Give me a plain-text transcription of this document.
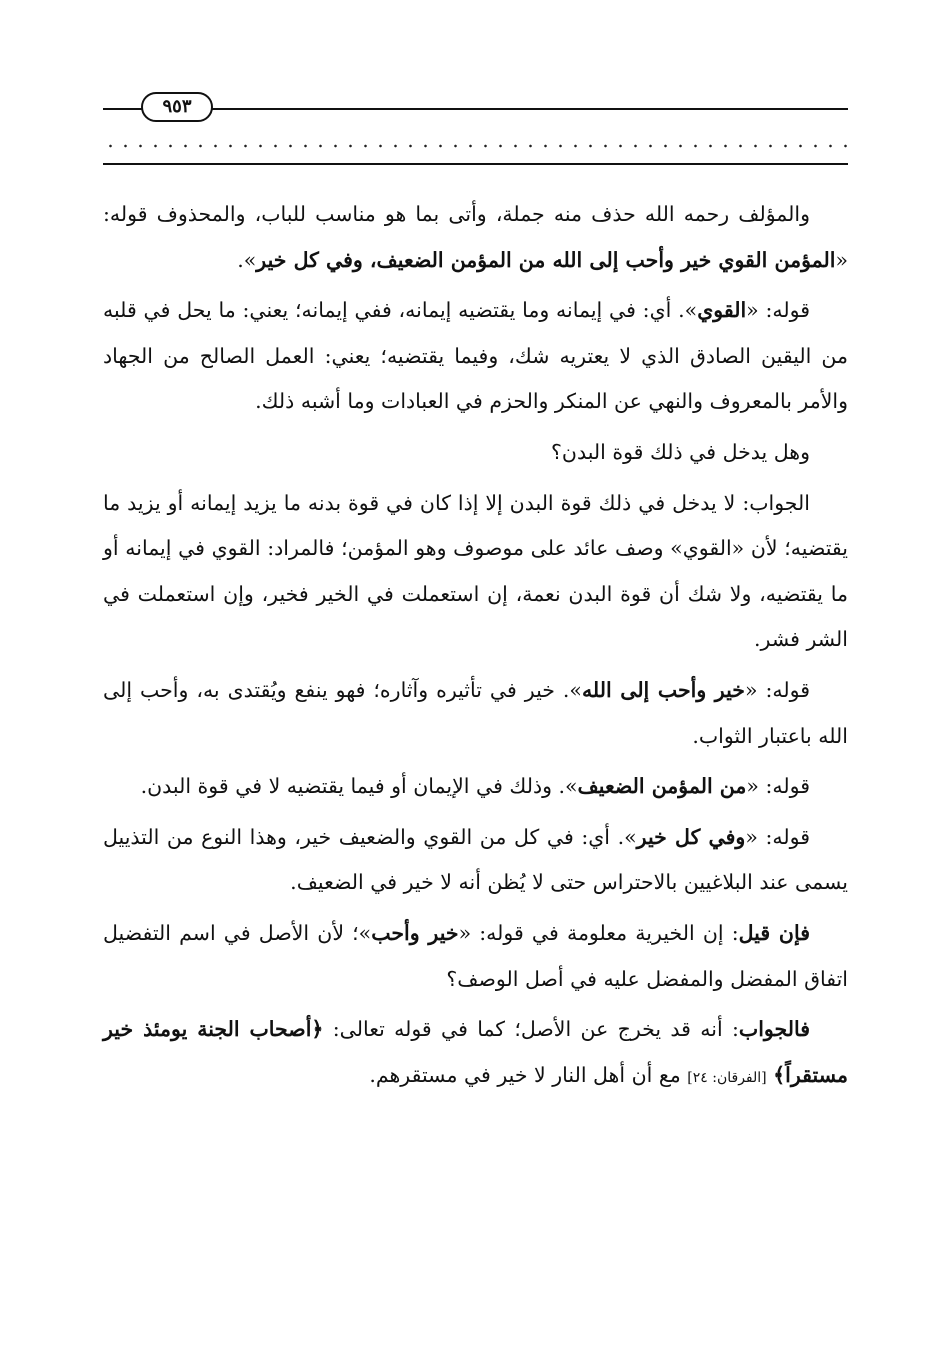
٩٥٣

والمؤلف رحمه الله حذف منه جملة، وأتى بما هو مناسب للباب، والمحذوف قوله: «المؤمن القوي خير وأحب إلى الله من المؤمن الضعيف، وفي كل خير».

قوله: «القوي». أي: في إيمانه وما يقتضيه إيمانه، ففي إيمانه؛ يعني: ما يحل في قلبه من اليقين الصادق الذي لا يعتريه شك، وفيما يقتضيه؛ يعني: العمل الصالح من الجهاد والأمر بالمعروف والنهي عن المنكر والحزم في العبادات وما أشبه ذلك.

وهل يدخل في ذلك قوة البدن؟

الجواب: لا يدخل في ذلك قوة البدن إلا إذا كان في قوة بدنه ما يزيد إيمانه أو يزيد ما يقتضيه؛ لأن «القوي» وصف عائد على موصوف وهو المؤمن؛ فالمراد: القوي في إيمانه أو ما يقتضيه، ولا شك أن قوة البدن نعمة، إن استعملت في الخير فخير، وإن استعملت في الشر فشر.

قوله: «خير وأحب إلى الله». خير في تأثيره وآثاره؛ فهو ينفع ويُقتدى به، وأحب إلى الله باعتبار الثواب.

قوله: «من المؤمن الضعيف». وذلك في الإيمان أو فيما يقتضيه لا في قوة البدن.

قوله: «وفي كل خير». أي: في كل من القوي والضعيف خير، وهذا النوع من التذييل يسمى عند البلاغيين بالاحتراس حتى لا يُظن أنه لا خير في الضعيف.

فإن قيل: إن الخيرية معلومة في قوله: «خير وأحب»؛ لأن الأصل في اسم التفضيل اتفاق المفضل والمفضل عليه في أصل الوصف؟

فالجواب: أنه قد يخرج عن الأصل؛ كما في قوله تعالى: ﴿أصحاب الجنة يومئذ خير مستقراً﴾ [الفرقان: ٢٤] مع أن أهل النار لا خير في مستقرهم.
